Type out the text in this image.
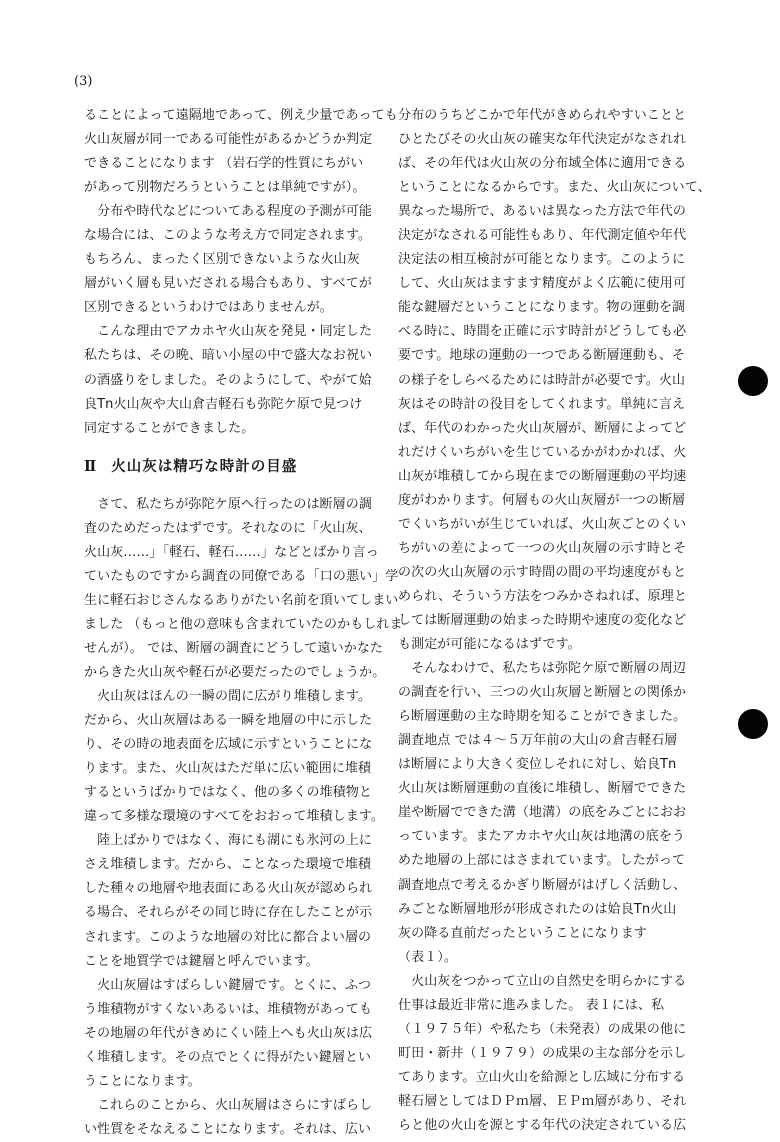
(3)
ることによって遠隔地であって、例え少量であっても
火山灰層が同一である可能性があるかどうか判定
できることになります （岩石学的性質にちがい
があって別物だろうということは単純ですが）。
　分布や時代などについてある程度の予測が可能
な場合には、このような考え方で同定されます。
もちろん、まったく区別できないような火山灰
層がいく層も見いだされる場合もあり、すべてが
区別できるというわけではありませんが。
　こんな理由でアカホヤ火山灰を発見・同定した
私たちは、その晩、暗い小屋の中で盛大なお祝い
の酒盛りをしました。そのようにして、やがて姶
良Tn火山灰や大山倉吉軽石も弥陀ケ原で見つけ
同定することができました。
Ⅱ 火山灰は精巧な時計の目盛
　さて、私たちが弥陀ケ原へ行ったのは断層の調
査のためだったはずです。それなのに「火山灰、
火山灰……」「軽石、軽石……」などとばかり言っ
ていたものですから調査の同僚である「口の悪い」学
生に軽石おじさんなるありがたい名前を頂いてしまい
ました （もっと他の意味も含まれていたのかもしれま
せんが）。 では、断層の調査にどうして遠いかなた
からきた火山灰や軽石が必要だったのでしょうか。
　火山灰はほんの一瞬の間に広がり堆積します。
だから、火山灰層はある一瞬を地層の中に示した
り、その時の地表面を広域に示すということにな
ります。また、火山灰はただ単に広い範囲に堆積
するというばかりではなく、他の多くの堆積物と
違って多様な環境のすべてをおおって堆積します。
　陸上ばかりではなく、海にも湖にも氷河の上に
さえ堆積します。だから、ことなった環境で堆積
した種々の地層や地表面にある火山灰が認められ
る場合、それらがその同じ時に存在したことが示
されます。このような地層の対比に都合よい層の
ことを地質学では鍵層と呼んでいます。
　火山灰層はすばらしい鍵層です。とくに、ふつ
う堆積物がすくないあるいは、堆積物があっても
その地層の年代がきめにくい陸上へも火山灰は広
く堆積します。その点でとくに得がたい鍵層とい
うことになります。
　これらのことから、火山灰層はさらにすばらし
い性質をそなえることになります。それは、広い
分布のうちどこかで年代がきめられやすいことと
ひとたびその火山灰の確実な年代決定がなされれ
ば、その年代は火山灰の分布域全体に適用できる
ということになるからです。また、火山灰について、
異なった場所で、あるいは異なった方法で年代の
決定がなされる可能性もあり、年代測定値や年代
決定法の相互検討が可能となります。このように
して、火山灰はますます精度がよく広範に使用可
能な鍵層だということになります。物の運動を調
べる時に、時間を正確に示す時計がどうしても必
要です。地球の運動の一つである断層運動も、そ
の様子をしらべるためには時計が必要です。火山
灰はその時計の役目をしてくれます。単純に言え
ば、年代のわかった火山灰層が、断層によってど
れだけくいちがいを生じているかがわかれば、火
山灰が堆積してから現在までの断層運動の平均速
度がわかります。何層もの火山灰層が一つの断層
でくいちがいが生じていれば、火山灰ごとのくい
ちがいの差によって一つの火山灰層の示す時とそ
の次の火山灰層の示す時間の間の平均速度がもと
められ、そういう方法をつみかさねれば、原理と
しては断層運動の始まった時期や速度の変化など
も測定が可能になるはずです。
　そんなわけで、私たちは弥陀ケ原で断層の周辺
の調査を行い、三つの火山灰層と断層との関係か
ら断層運動の主な時期を知ることができました。
調査地点 では４～５万年前の大山の倉吉軽石層
は断層により大きく変位しそれに対し、姶良Tn
火山灰は断層運動の直後に堆積し、断層でできた
崖や断層でできた溝（地溝）の底をみごとにおお
っています。またアカホヤ火山灰は地溝の底をう
めた地層の上部にはさまれています。したがって
調査地点で考えるかぎり断層がはげしく活動し、
みごとな断層地形が形成されたのは姶良Tn火山
灰の降る直前だったということになります
（表１）。
　火山灰をつかって立山の自然史を明らかにする
仕事は最近非常に進みました。 表１には、私
（１９７５年）や私たち（未発表）の成果の他に
町田・新井（１９７９）の成果の主な部分を示し
てあります。立山火山を給源とし広域に分布する
軽石層としてはＤＰｍ層、ＥＰｍ層があり、それ
らと他の火山を源とする年代の決定されている広
